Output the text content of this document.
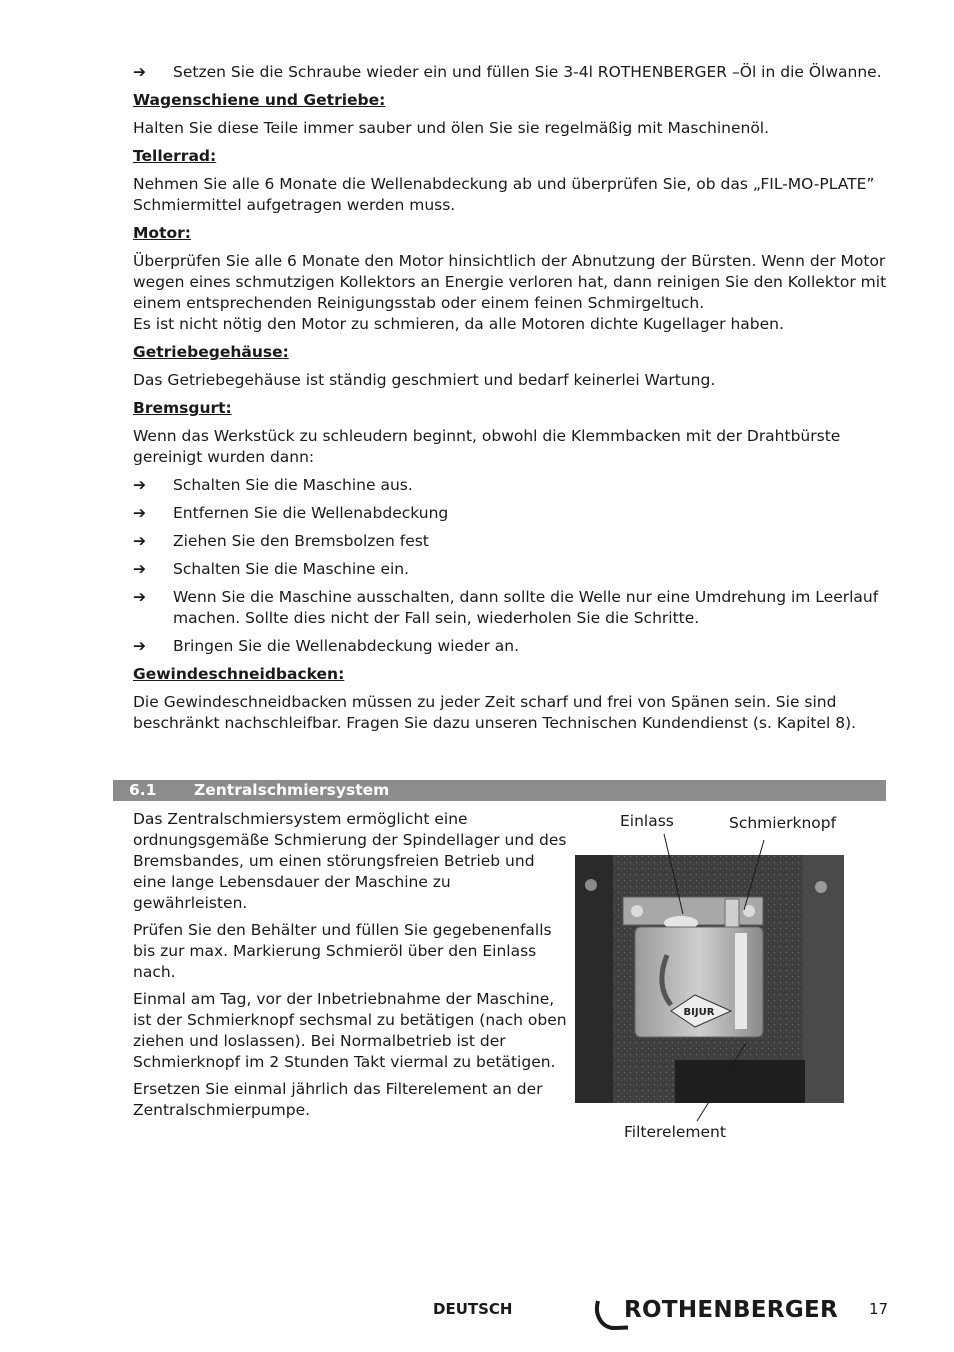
➔	Setzen Sie die Schraube wieder ein und füllen Sie 3-4l ROTHENBERGER –Öl in die Ölwanne.
Wagenschiene und Getriebe:
Halten Sie diese Teile immer sauber und ölen Sie sie regelmäßig mit Maschinenöl.
Tellerrad:
Nehmen Sie alle 6 Monate die Wellenabdeckung ab und überprüfen Sie, ob das „FIL-MO-PLATE” Schmiermittel aufgetragen werden muss.
Motor:
Überprüfen Sie alle 6 Monate den Motor hinsichtlich der Abnutzung der Bürsten. Wenn der Motor wegen eines schmutzigen Kollektors an Energie verloren hat, dann reinigen Sie den Kollektor mit einem entsprechenden Reinigungsstab oder einem feinen Schmirgeltuch.
Es ist nicht nötig den Motor zu schmieren, da alle Motoren dichte Kugellager haben.
Getriebegehäuse:
Das Getriebegehäuse ist ständig geschmiert und bedarf keinerlei Wartung.
Bremsgurt:
Wenn das Werkstück zu schleudern beginnt, obwohl die Klemmbacken mit der Drahtbürste gereinigt wurden dann:
➔	Schalten Sie die Maschine aus.
➔	Entfernen Sie die Wellenabdeckung
➔	Ziehen Sie den Bremsbolzen fest
➔	Schalten Sie die Maschine ein.
➔	Wenn Sie die Maschine ausschalten, dann sollte die Welle nur eine Umdrehung im Leerlauf machen. Sollte dies nicht der Fall sein, wiederholen Sie die Schritte.
➔	Bringen Sie die Wellenabdeckung wieder an.
Gewindeschneidbacken:
Die Gewindeschneidbacken müssen zu jeder Zeit scharf und frei von Spänen sein. Sie sind beschränkt nachschleifbar. Fragen Sie dazu unseren Technischen Kundendienst (s. Kapitel 8).
6.1 Zentralschmiersystem
Das Zentralschmiersystem ermöglicht eine ordnungsgemäße Schmierung der Spindellager und des Bremsbandes, um einen störungsfreien Betrieb und eine lange Lebensdauer der Maschine zu gewährleisten.
Prüfen Sie den Behälter und füllen Sie gegebenenfalls bis zur max. Markierung Schmieröl über den Einlass nach.
Einmal am Tag, vor der Inbetriebnahme der Maschine, ist der Schmierknopf sechsmal zu betätigen (nach oben ziehen und loslassen). Bei Normalbetrieb ist der Schmierknopf im 2 Stunden Takt viermal zu betätigen.
Ersetzen Sie einmal jährlich das Filterelement an der Zentralschmierpumpe.
Einlass	Schmierknopf
Filterelement
BIJUR
DEUTSCH	ROTHENBERGER 17
